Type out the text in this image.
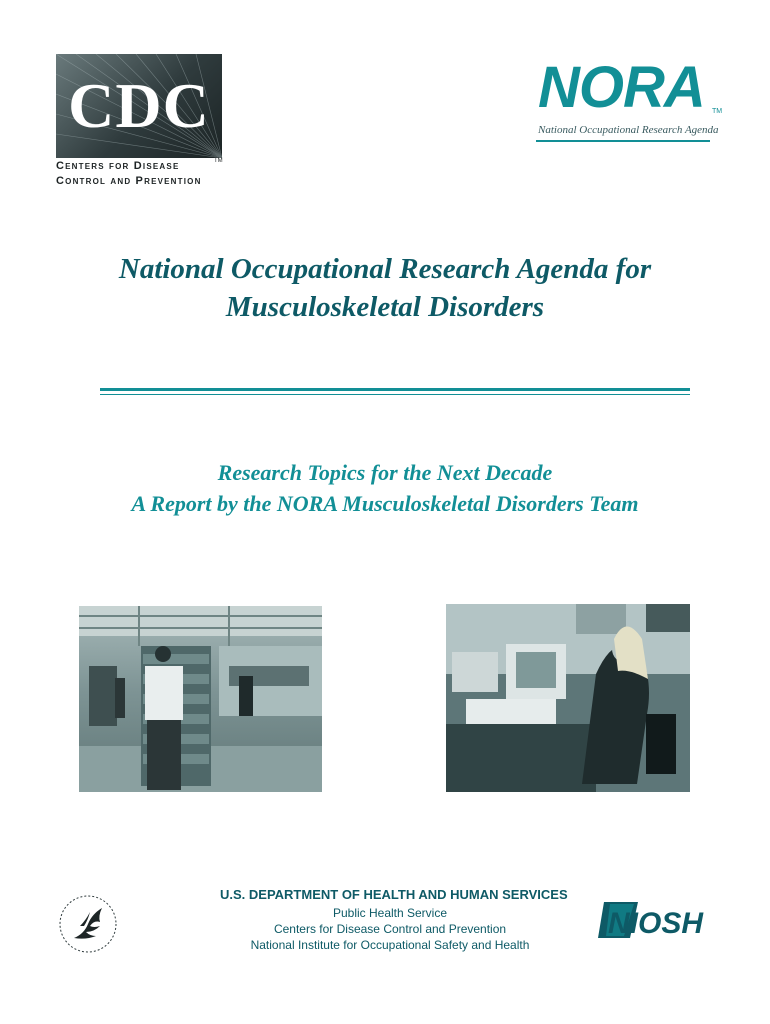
CDC
Centers for Disease
Control and Prevention
TM
NORA TM
National Occupational Research Agenda
National Occupational Research Agenda for
Musculoskeletal Disorders
Research Topics for the Next Decade
A Report by the NORA Musculoskeletal Disorders Team
U.S. DEPARTMENT OF HEALTH AND HUMAN SERVICES
Public Health Service
Centers for Disease Control and Prevention
National Institute for Occupational Safety and Health
NIOSH
